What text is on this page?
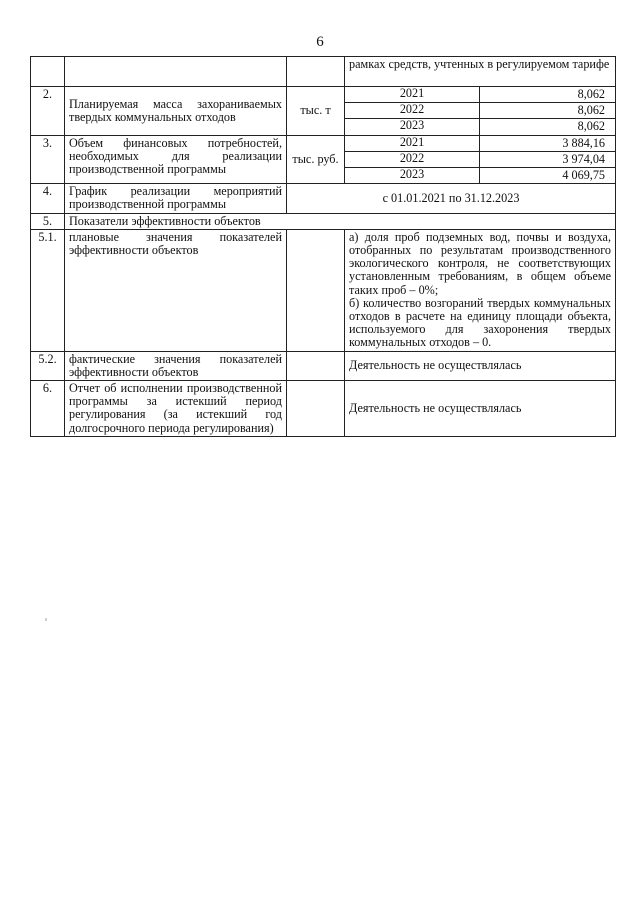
6
			рамках средств, учтенных в регулируемом тарифе	
2.	Планируемая масса захораниваемых твердых коммунальных отходов	тыс. т	2021	8,062
			2022	8,062
			2023	8,062
3.	Объем финансовых потребностей, необходимых для реализации производственной программы	тыс. руб.	2021	3 884,16
			2022	3 974,04
			2023	4 069,75
4.	График реализации мероприятий производственной программы	с 01.01.2021 по 31.12.2023		
5.	Показатели эффективности объектов			
5.1.	плановые значения показателей эффективности объектов		а) доля проб подземных вод, почвы и воздуха, отобранных по результатам производственного экологического контроля, не соответствующих установленным требованиям, в общем объеме таких проб – 0%;
б) количество возгораний твердых коммунальных отходов в расчете на единицу площади объекта, используемого для захоронения твердых коммунальных отходов – 0.	

5.2.	фактические значения показателей эффективности объектов		Деятельность не осуществлялась	
6.	Отчет об исполнении производственной программы за истекший период регулирования (за истекший год долгосрочного периода регулирования)		Деятельность не осуществлялась	
